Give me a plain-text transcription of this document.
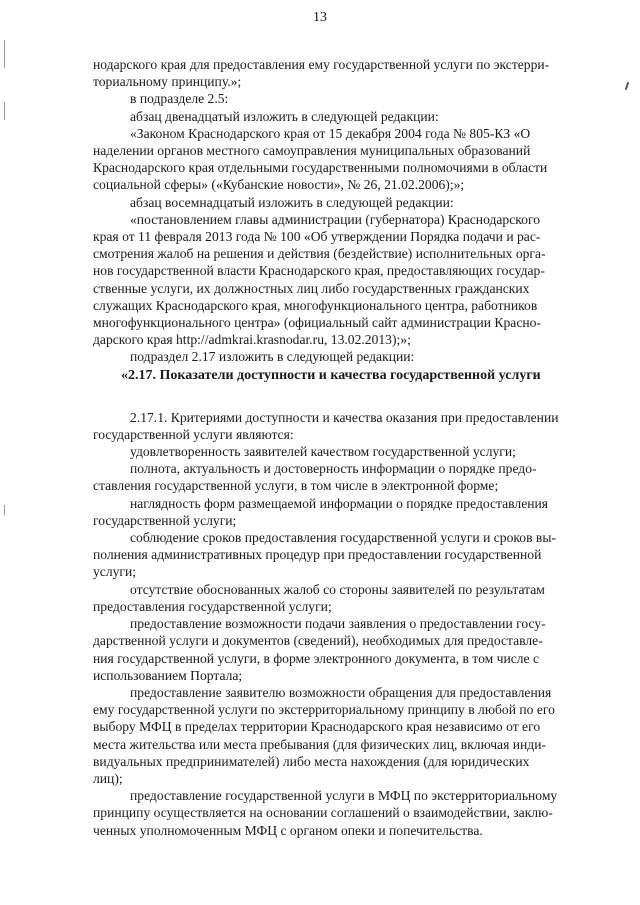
13

нодарского края для предоставления ему государственной услуги по экстерри-
ториальному принципу.»;

в подразделе 2.5:

абзац двенадцатый изложить в следующей редакции:

«Законом Краснодарского края от 15 декабря 2004 года № 805-КЗ «О
наделении органов местного самоуправления муниципальных образований
Краснодарского края отдельными государственными полномочиями в области
социальной сферы» («Кубанские новости», № 26, 21.02.2006);»;

абзац восемнадцатый изложить в следующей редакции:

«постановлением главы администрации (губернатора) Краснодарского
края от 11 февраля 2013 года № 100 «Об утверждении Порядка подачи и рас-
смотрения жалоб на решения и действия (бездействие) исполнительных орга-
нов государственной власти Краснодарского края, предоставляющих государ-
ственные услуги, их должностных лиц либо государственных гражданских
служащих Краснодарского края, многофункционального центра, работников
многофункционального центра» (официальный сайт администрации Красно-
дарского края http://admkrai.krasnodar.ru, 13.02.2013);»;

подраздел 2.17 изложить в следующей редакции:

«2.17. Показатели доступности и качества государственной услуги

2.17.1. Критериями доступности и качества оказания при предоставлении
государственной услуги являются:

удовлетворенность заявителей качеством государственной услуги;

полнота, актуальность и достоверность информации о порядке предо-
ставления государственной услуги, в том числе в электронной форме;

наглядность форм размещаемой информации о порядке предоставления
государственной услуги;

соблюдение сроков предоставления государственной услуги и сроков вы-
полнения административных процедур при предоставлении государственной
услуги;

отсутствие обоснованных жалоб со стороны заявителей по результатам
предоставления государственной услуги;

предоставление возможности подачи заявления о предоставлении госу-
дарственной услуги и документов (сведений), необходимых для предоставле-
ния государственной услуги, в форме электронного документа, в том числе с
использованием Портала;

предоставление заявителю возможности обращения для предоставления
ему государственной услуги по экстерриториальному принципу в любой по его
выбору МФЦ в пределах территории Краснодарского края независимо от его
места жительства или места пребывания (для физических лиц, включая инди-
видуальных предпринимателей) либо места нахождения (для юридических
лиц);

предоставление государственной услуги в МФЦ по экстерриториальному
принципу осуществляется на основании соглашений о взаимодействии, заклю-
ченных уполномоченным МФЦ с органом опеки и попечительства.
